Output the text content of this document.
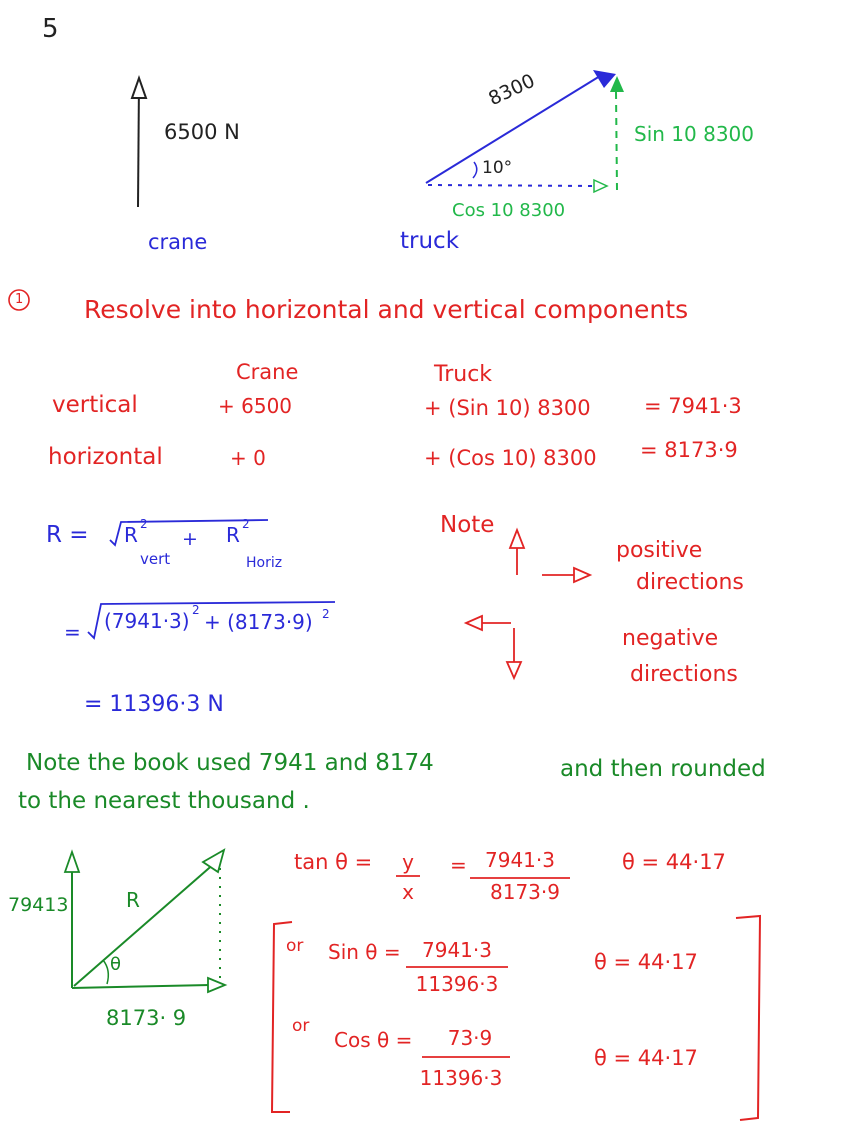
5
6500 N
crane
8300
10°
Sin 10 8300
Cos 10 8300
truck
1 Resolve into horizontal and vertical components
Crane	Truck
vertical	+ 6500	+ (Sin 10) 8300	= 7941·3
horizontal	+ 0	+ (Cos 10) 8300 = 8173·9
R = R 2
vert
+ R 2
Horiz
= (7941·3) 2 + (8173·9) 2
= 11396·3 N
Note
positive
directions
negative
directions
Note the book used 7941 and 8174	and then rounded
to the nearest thousand .
79413	R
θ
8173· 9
tan θ =	y
x
= 7941·3
8173·9
θ = 44·17
or Sin θ =	7941·3
11396·3
θ = 44·17
or
Cos θ =	73·9
11396·3
θ = 44·17
